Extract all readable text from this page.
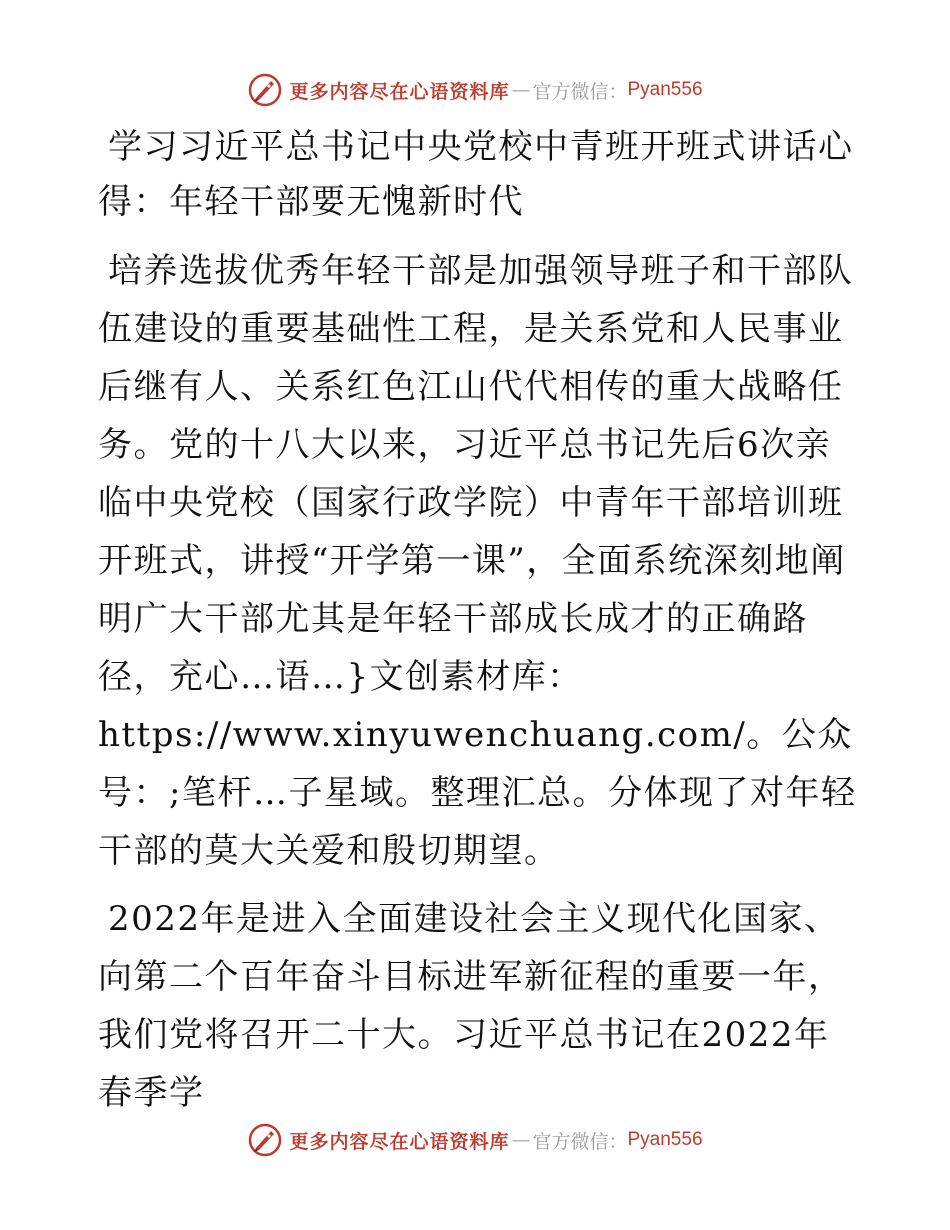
更多内容尽在心语资料库 — 官方微信： Pyan556
学习习近平总书记中央党校中青班开班式讲话心得：年轻干部要无愧新时代

培养选拔优秀年轻干部是加强领导班子和干部队伍建设的重要基础性工程，是关系党和人民事业后继有人、关系红色江山代代相传的重大战略任务。党的十八大以来，习近平总书记先后6次亲临中央党校（国家行政学院）中青年干部培训班开班式，讲授“开学第一课”，全面系统深刻地阐明广大干部尤其是年轻干部成长成才的正确路径，充心…语…}文创素材库：https://www.xinyuwenchuang.com/。公众号：;笔杆…子星域。整理汇总。分体现了对年轻干部的莫大关爱和殷切期望。

2022年是进入全面建设社会主义现代化国家、向第二个百年奋斗目标进军新征程的重要一年，我们党将召开二十大。习近平总书记在2022年春季学

更多内容尽在心语资料库 — 官方微信： Pyan556
